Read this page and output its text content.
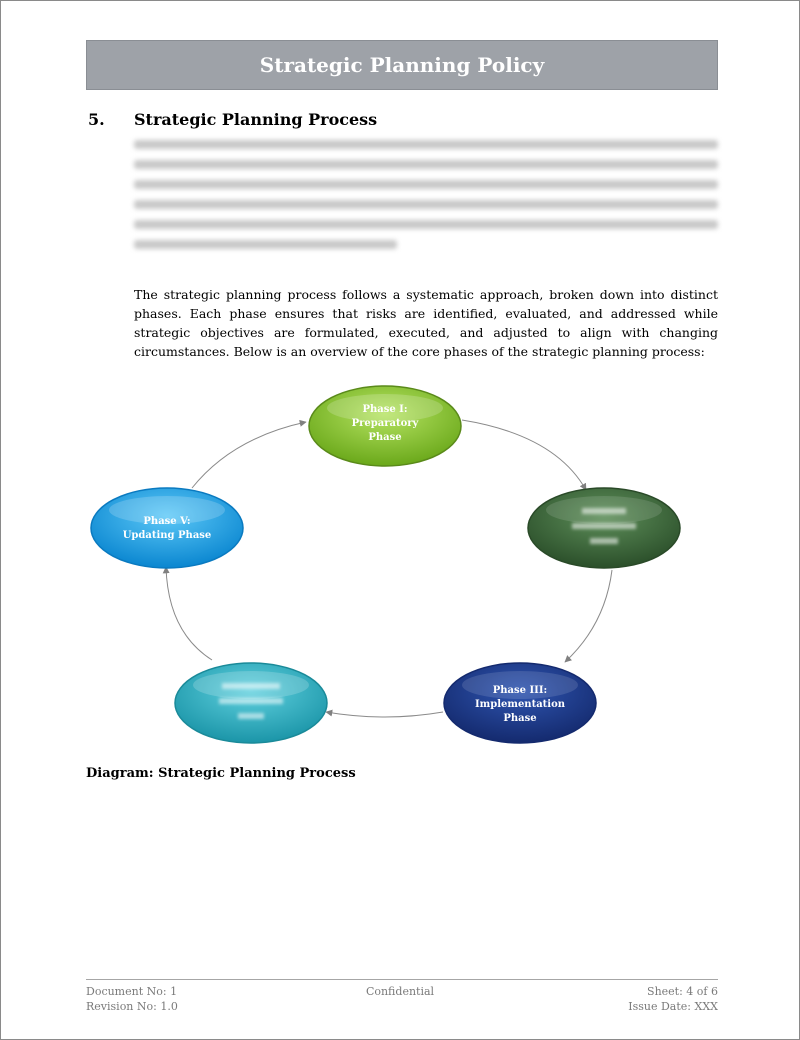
Strategic Planning Policy
5. Strategic Planning Process
The strategic planning process follows a systematic approach, broken down into distinct phases. Each phase ensures that risks are identified, evaluated, and addressed while strategic objectives are formulated, executed, and adjusted to align with changing circumstances. Below is an overview of the core phases of the strategic planning process:
Phase I:
Preparatory
Phase
Phase III:
Implementation
Phase
Phase V:
Updating Phase
Diagram: Strategic Planning Process
Document No: 1
Revision No: 1.0
Confidential	Sheet: 4 of 6
Issue Date: XXX
